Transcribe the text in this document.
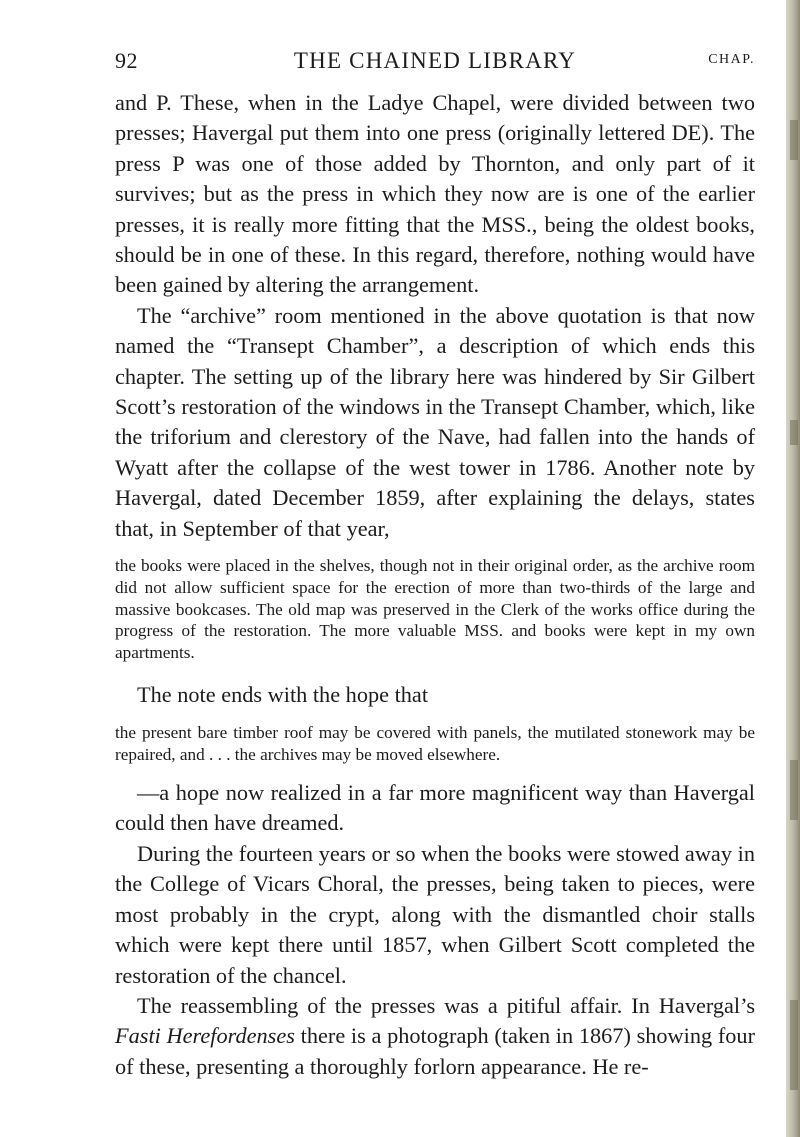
92	THE CHAINED LIBRARY	CHAP.

and P. These, when in the Ladye Chapel, were divided between two presses; Havergal put them into one press (originally lettered DE). The press P was one of those added by Thornton, and only part of it survives; but as the press in which they now are is one of the earlier presses, it is really more fitting that the MSS., being the oldest books, should be in one of these. In this regard, therefore, nothing would have been gained by altering the arrangement.

The “archive” room mentioned in the above quotation is that now named the “Transept Chamber”, a description of which ends this chapter. The setting up of the library here was hindered by Sir Gilbert Scott’s restoration of the windows in the Transept Chamber, which, like the triforium and clerestory of the Nave, had fallen into the hands of Wyatt after the collapse of the west tower in 1786. Another note by Havergal, dated December 1859, after explaining the delays, states that, in September of that year,

the books were placed in the shelves, though not in their original order, as the archive room did not allow sufficient space for the erection of more than two-thirds of the large and massive bookcases. The old map was preserved in the Clerk of the works office during the progress of the restoration. The more valuable MSS. and books were kept in my own apartments.

The note ends with the hope that

the present bare timber roof may be covered with panels, the mutilated stonework may be repaired, and . . . the archives may be moved elsewhere.

—a hope now realized in a far more magnificent way than Havergal could then have dreamed.

During the fourteen years or so when the books were stowed away in the College of Vicars Choral, the presses, being taken to pieces, were most probably in the crypt, along with the dismantled choir stalls which were kept there until 1857, when Gilbert Scott completed the restoration of the chancel.

The reassembling of the presses was a pitiful affair. In Havergal’s Fasti Herefordenses there is a photograph (taken in 1867) showing four of these, presenting a thoroughly forlorn appearance. He re-
